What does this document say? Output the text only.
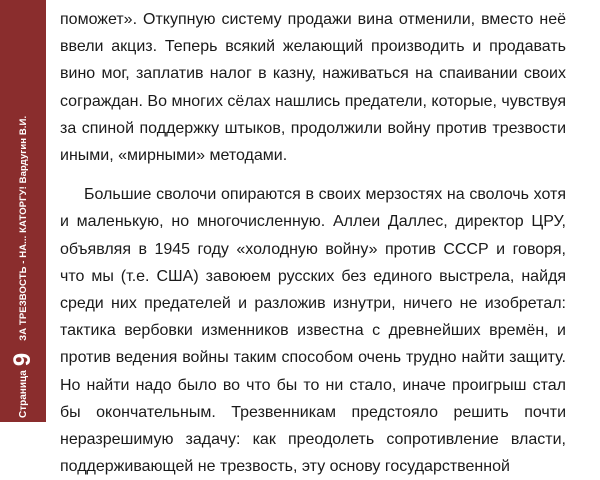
Страница
9
ЗА ТРЕЗВОСТЬ - НА... КАТОРГУ! Вардугин В.И.

поможет». Откупную систему продажи вина отменили, вместо неё ввели акциз. Теперь всякий желающий производить и продавать вино мог, заплатив налог в казну, наживаться на спаивании своих сограждан. Во многих сёлах нашлись предатели, которые, чувствуя за спиной поддержку штыков, продолжили войну против трезвости иными, «мирными» методами.

Большие сволочи опираются в своих мерзостях на сволочь хотя и маленькую, но многочисленную. Аллеи Даллес, директор ЦРУ, объявляя в 1945 году «холодную войну» против СССР и говоря, что мы (т.е. США) завоюем русских без единого выстрела, найдя среди них предателей и разложив изнутри, ничего не изобретал: тактика вербовки изменников известна с древнейших времён, и против ведения войны таким способом очень трудно найти защиту. Но найти надо было во что бы то ни стало, иначе проигрыш стал бы окончательным. Трезвенникам предстояло решить почти неразрешимую задачу: как преодолеть сопротивление власти, поддерживающей не трезвость, эту основу государственной
